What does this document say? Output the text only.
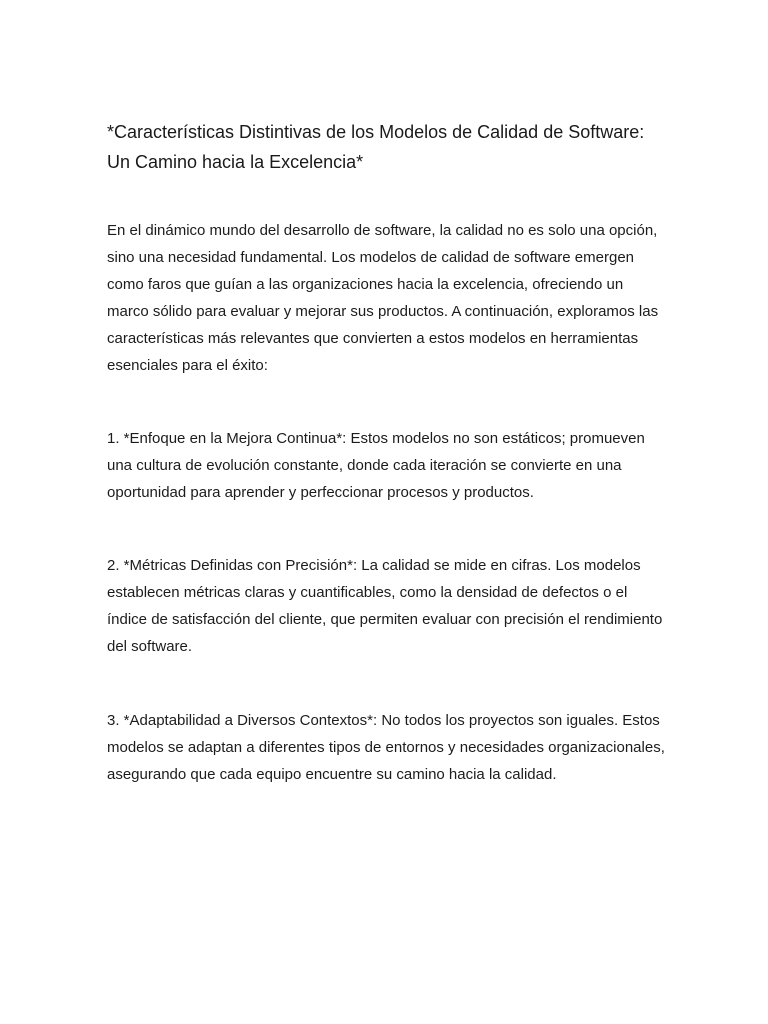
*Características Distintivas de los Modelos de Calidad de Software: Un Camino hacia la Excelencia*

En el dinámico mundo del desarrollo de software, la calidad no es solo una opción, sino una necesidad fundamental. Los modelos de calidad de software emergen como faros que guían a las organizaciones hacia la excelencia, ofreciendo un marco sólido para evaluar y mejorar sus productos. A continuación, exploramos las características más relevantes que convierten a estos modelos en herramientas esenciales para el éxito:

1. *Enfoque en la Mejora Continua*: Estos modelos no son estáticos; promueven una cultura de evolución constante, donde cada iteración se convierte en una oportunidad para aprender y perfeccionar procesos y productos.

2. *Métricas Definidas con Precisión*: La calidad se mide en cifras. Los modelos establecen métricas claras y cuantificables, como la densidad de defectos o el índice de satisfacción del cliente, que permiten evaluar con precisión el rendimiento del software.

3. *Adaptabilidad a Diversos Contextos*: No todos los proyectos son iguales. Estos modelos se adaptan a diferentes tipos de entornos y necesidades organizacionales, asegurando que cada equipo encuentre su camino hacia la calidad.
